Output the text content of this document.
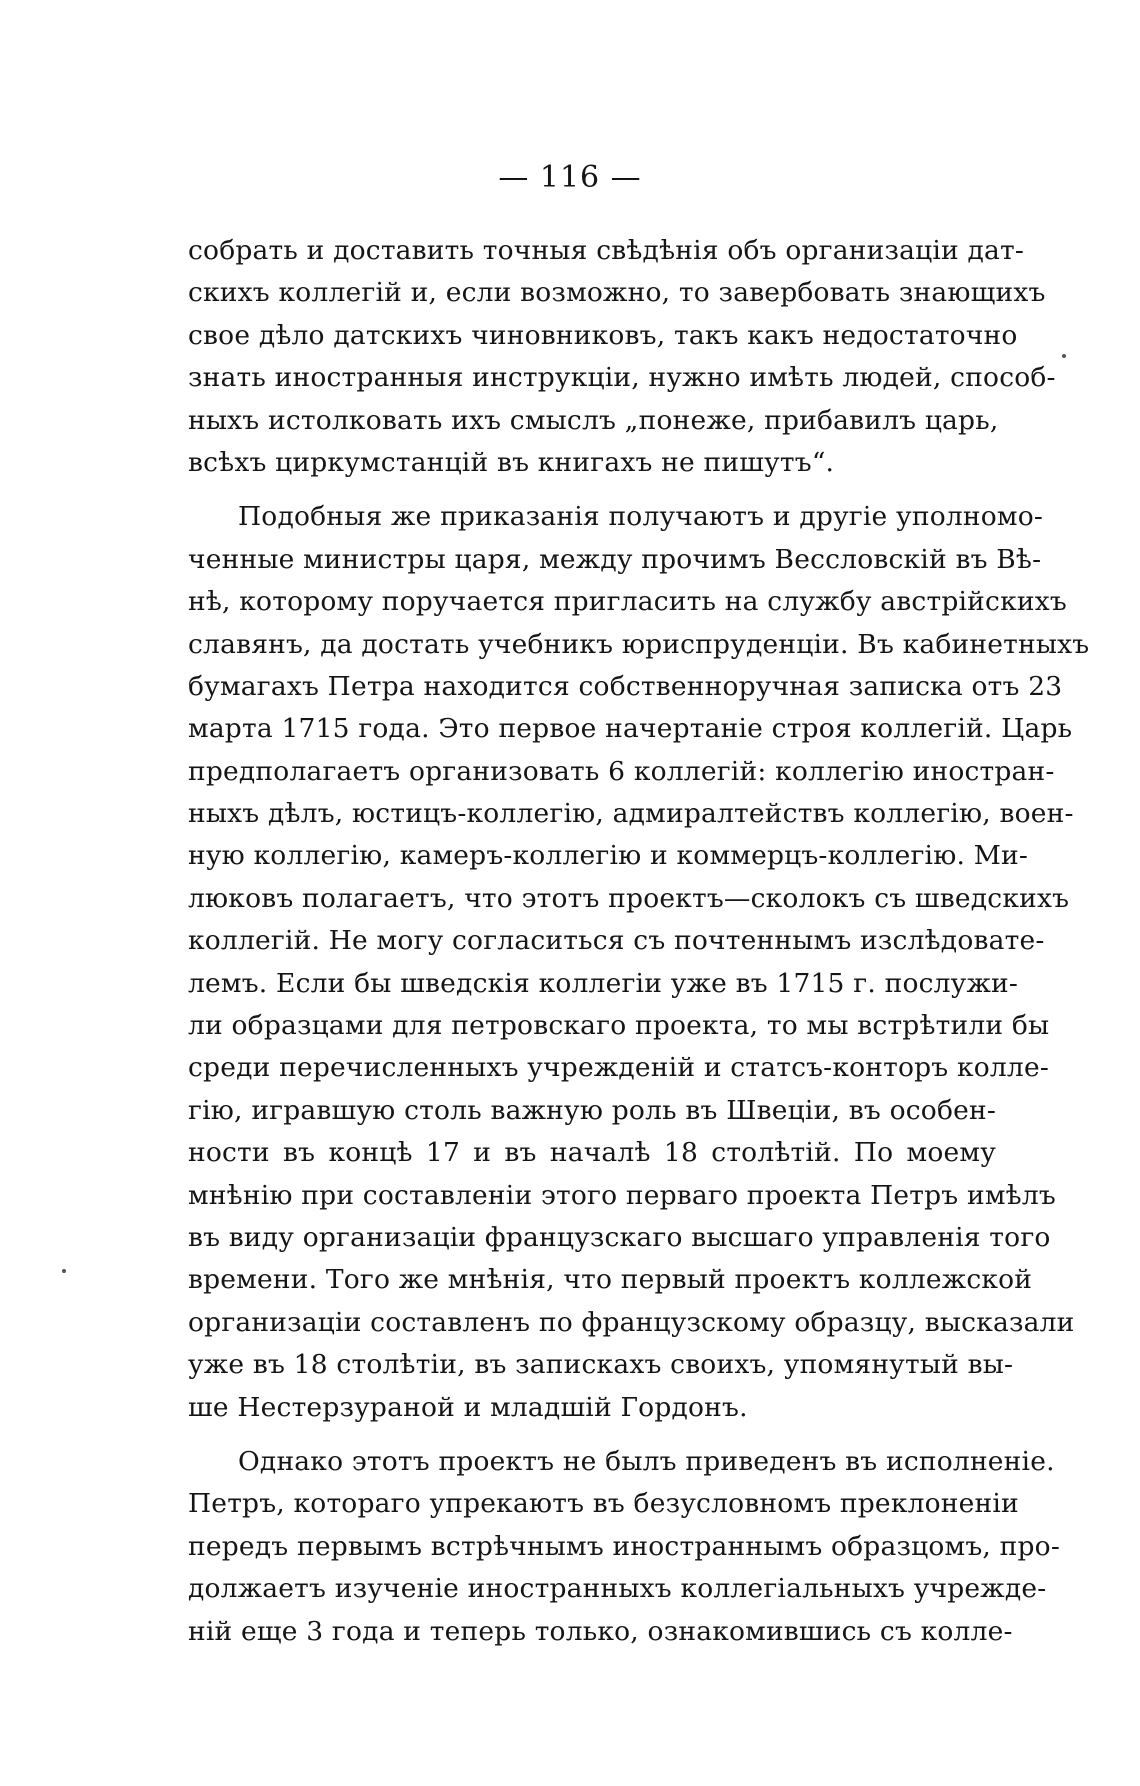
— 116 —
собрать и доставить точныя свѣдѣнія объ организаціи дат-
скихъ коллегій и, если возможно, то завербовать знающихъ
свое дѣло датскихъ чиновниковъ, такъ какъ недостаточно
знать иностранныя инструкціи, нужно имѣть людей, способ-
ныхъ истолковать ихъ смыслъ „понеже, прибавилъ царь,
всѣхъ циркумстанцій въ книгахъ не пишутъ“.
Подобныя же приказанія получаютъ и другіе уполномо-
ченные министры царя, между прочимъ Весcловскій въ Вѣ-
нѣ, которому поручается пригласить на службу австрійскихъ
славянъ, да достать учебникъ юриспруденціи. Въ кабинетныхъ
бумагахъ Петра находится собственноручная записка отъ 23
марта 1715 года. Это первое начертаніе строя коллегій. Царь
предполагаетъ организовать 6 коллегій: коллегію иностран-
ныхъ дѣлъ, юстицъ-коллегію, адмиралтействъ коллегію, воен-
ную коллегію, камеръ-коллегію и коммерцъ-коллегію. Ми-
люковъ полагаетъ, что этотъ проектъ—сколокъ съ шведскихъ
коллегій. Не могу согласиться съ почтеннымъ изслѣдовате-
лемъ. Если бы шведскія коллегіи уже въ 1715 г. послужи-
ли образцами для петровскаго проекта, то мы встрѣтили бы
среди перечисленныхъ учрежденій и статсъ-конторъ колле-
гію, игравшую столь важную роль въ Швеціи, въ особен-
ности въ концѣ 17 и въ началѣ 18 столѣтій. По моему
мнѣнію при составленіи этого перваго проекта Петръ имѣлъ
въ виду организаціи французскаго высшаго управленія того
времени. Того же мнѣнія, что первый проектъ коллежской
организаціи составленъ по французскому образцу, высказали
уже въ 18 столѣтіи, въ запискахъ своихъ, упомянутый вы-
ше Нестерзураной и младшій Гордонъ.
Однако этотъ проектъ не былъ приведенъ въ исполненіе.
Петръ, котораго упрекаютъ въ безусловномъ преклоненіи
передъ первымъ встрѣчнымъ иностраннымъ образцомъ, про-
должаетъ изученіе иностранныхъ коллегіальныхъ учрежде-
ній еще 3 года и теперь только, ознакомившись съ колле-
